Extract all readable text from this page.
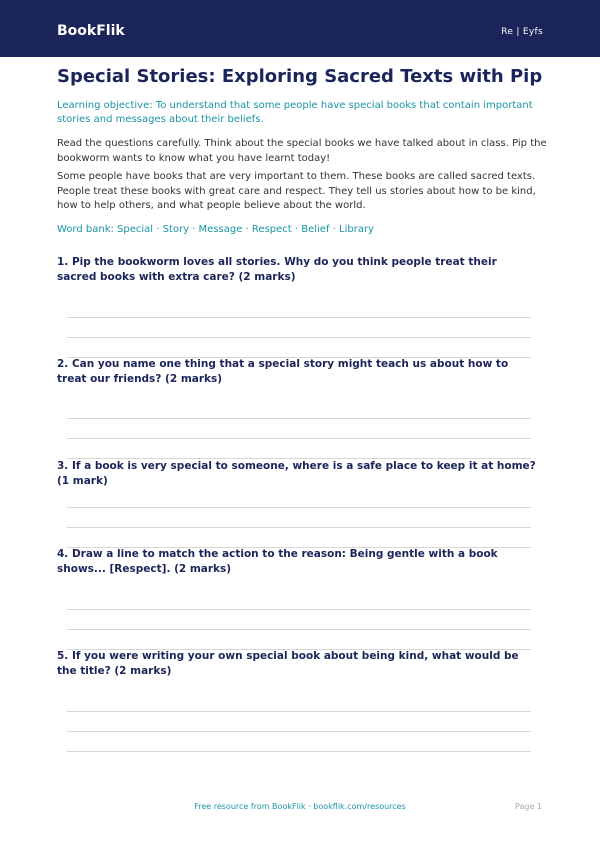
BookFlik	Re | Eyfs
Special Stories: Exploring Sacred Texts with Pip

Learning objective: To understand that some people have special books that contain important stories and messages about their beliefs.

Read the questions carefully. Think about the special books we have talked about in class. Pip the bookworm wants to know what you have learnt today!

Some people have books that are very important to them. These books are called sacred texts. People treat these books with great care and respect. They tell us stories about how to be kind, how to help others, and what people believe about the world.

Word bank: Special · Story · Message · Respect · Belief · Library

1. Pip the bookworm loves all stories. Why do you think people treat their sacred books with extra care? (2 marks)

2. Can you name one thing that a special story might teach us about how to treat our friends? (2 marks)

3. If a book is very special to someone, where is a safe place to keep it at home? (1 mark)

4. Draw a line to match the action to the reason: Being gentle with a book shows... [Respect]. (2 marks)

5. If you were writing your own special book about being kind, what would be the title? (2 marks)

Free resource from BookFlik · bookflik.com/resources	Page 1
